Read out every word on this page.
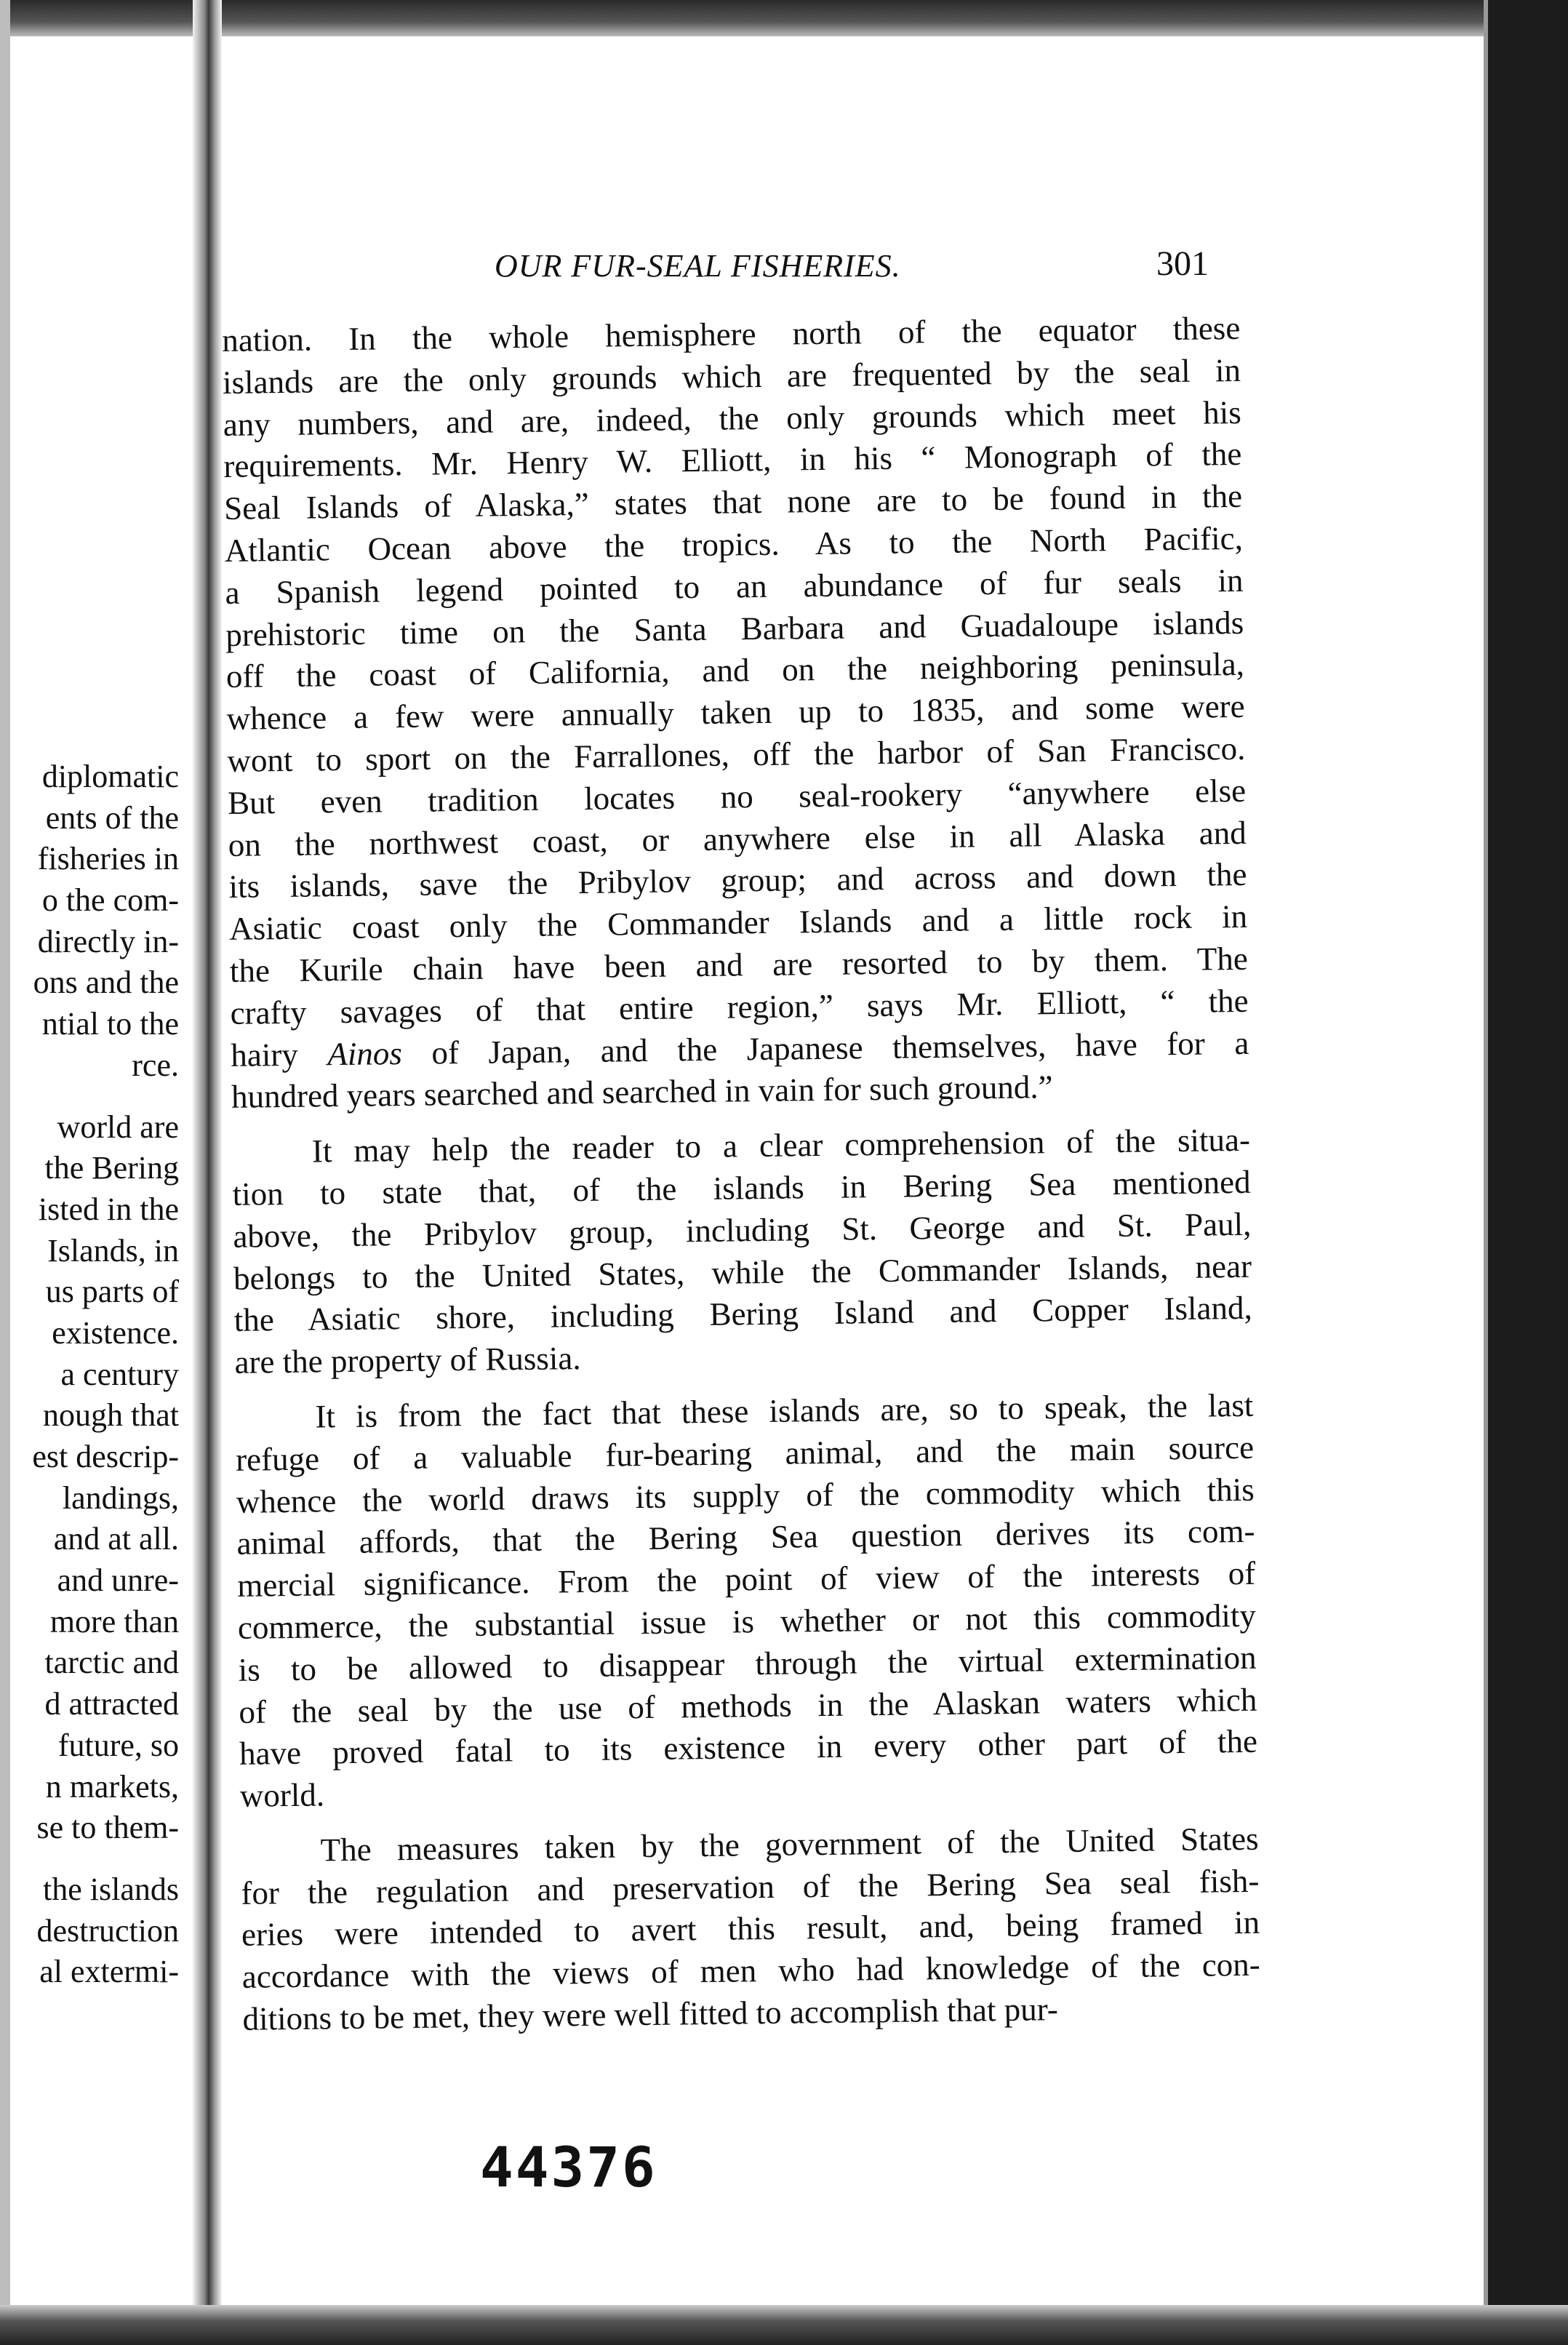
diplomatic
ents of the
fisheries in
o the com-
directly in-
ons and the
ntial to the
rce.
world are
the Bering
isted in the
Islands, in
us parts of
existence.
a century
nough that
est descrip-
landings,
and at all.
and unre-
more than
tarctic and
d attracted
future, so
n markets,
se to them-
the islands
destruction
al extermi-
OUR FUR-SEAL FISHERIES.	301
nation. In the whole hemisphere north of the equator these
islands are the only grounds which are frequented by the seal in
any numbers, and are, indeed, the only grounds which meet his
requirements. Mr. Henry W. Elliott, in his “ Monograph of the
Seal Islands of Alaska,” states that none are to be found in the
Atlantic Ocean above the tropics. As to the North Pacific,
a Spanish legend pointed to an abundance of fur seals in
prehistoric time on the Santa Barbara and Guadaloupe islands
off the coast of California, and on the neighboring peninsula,
whence a few were annually taken up to 1835, and some were
wont to sport on the Farrallones, off the harbor of San Francisco.
But even tradition locates no seal-rookery “anywhere else
on the northwest coast, or anywhere else in all Alaska and
its islands, save the Pribylov group; and across and down the
Asiatic coast only the Commander Islands and a little rock in
the Kurile chain have been and are resorted to by them. The
crafty savages of that entire region,” says Mr. Elliott, “ the
hairy Ainos of Japan, and the Japanese themselves, have for a
hundred years searched and searched in vain for such ground.”
It may help the reader to a clear comprehension of the situa-
tion to state that, of the islands in Bering Sea mentioned
above, the Pribylov group, including St. George and St. Paul,
belongs to the United States, while the Commander Islands, near
the Asiatic shore, including Bering Island and Copper Island,
are the property of Russia.
It is from the fact that these islands are, so to speak, the last
refuge of a valuable fur-bearing animal, and the main source
whence the world draws its supply of the commodity which this
animal affords, that the Bering Sea question derives its com-
mercial significance. From the point of view of the interests of
commerce, the substantial issue is whether or not this commodity
is to be allowed to disappear through the virtual extermination
of the seal by the use of methods in the Alaskan waters which
have proved fatal to its existence in every other part of the
world.
The measures taken by the government of the United States
for the regulation and preservation of the Bering Sea seal fish-
eries were intended to avert this result, and, being framed in
accordance with the views of men who had knowledge of the con-
ditions to be met, they were well fitted to accomplish that pur-
44376
